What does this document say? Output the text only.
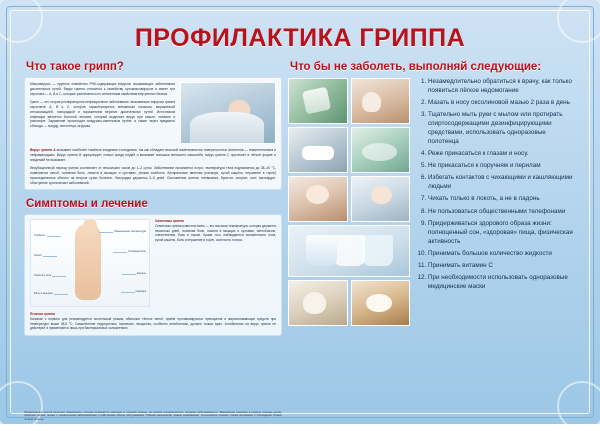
ПРОФИЛАКТИКА ГРИППА
Что такое грипп?
Миксовирусы — крупное семейство РНК-содержащих вирусов, вызывающих заболевания дыхательных путей. Вирус гриппа относится к семейству ортомиксовирусов и имеет три серотипа — A, B и C, которые различаются по антигенным свойствам внутренних белков.
Грипп — это острое респираторное инфекционное заболевание, вызываемое вирусом гриппа серотипов A, B и C, которое характеризуется внезапным началом, выраженной интоксикацией, лихорадкой и поражением верхних дыхательных путей. Источником инфекции является больной человек, который выделяет вирус при кашле, чихании и разговоре. Заражение происходит воздушно-капельным путём, а также через предметы обихода — посуду, полотенца, игрушки.
Вирус гриппа A вызывает наиболее тяжёлые эпидемии и пандемии, так как обладает высокой изменчивостью поверхностных антигенов — гемагглютинина и нейраминидазы. Вирус гриппа B циркулирует только среди людей и вызывает вспышки меньшего масштаба, вирус гриппа C протекает в лёгкой форме и эпидемий не вызывает.
Инкубационный период гриппа составляет от нескольких часов до 1–2 суток. Заболевание начинается остро: температура тела поднимается до 38–40 °C, появляются озноб, головная боль, ломота в мышцах и суставах, резкая слабость. Катаральные явления (насморк, сухой кашель, першение в горле) присоединяются обычно на вторые сутки болезни. Лихорадка держится 3–5 дней. Осложнения гриппа: пневмония, бронхит, синусит, отит, миокардит, обострение хронических заболеваний.
Симптомы и лечение
Слабость
Озноб
Ломота в теле
Боль в мышцах
Повышенная температура
Головная боль
Кашель
Насморк
Симптомы гриппа
Симптомы гриппа известны всем — это высокая температура, которая держится несколько дней, головная боль, ломота в мышцах и суставах, светобоязнь, слезотечение, боль в глазах. Кроме того, наблюдаются заложенность носа, сухой кашель, боль и першение в горле, осиплость голоса.
Лечение гриппа
Начиная с первого дня рекомендуется постельный режим, обильное тёплое питьё, приём противовирусных препаратов и жаропонижающих средств при температуре выше 38,5 °C. Самолечение недопустимо: назначать лекарства, особенно антибиотики, должен только врач. Антибиотики на вирус гриппа не действуют и применяются лишь при бактериальных осложнениях.
Что бы не заболеть, выполняй следующие:
1. Незамедлительно обратиться к врачу, как только появиться лёгкое недомогание
2. Мазать в носу оксолиновой мазью 2 раза в день
3. Тщательно мыть руки с мылом или протирать спиртосодержащими дезинфицирующими средствами, использовать одноразовые полотенца
4. Реже прикасаться к глазам и носу.
5. Не прикасаться к поручням и перилам
6. Избегать контактов с чихающими и кашляющими людьми
7. Чихать только в локоть, а не в ладонь
8. Не пользоваться общественными телефонами
9. Придерживаться здорового образа жизни: полноценный сон, «здоровая» пища, физическая активность
10. Принимать большое количество жидкости
11. Принимать витамин С
12. При необходимости использовать одноразовые медицинские маски
Профилактика гриппа включает вакцинацию, которая проводится ежегодно в осенний период, до начала эпидемического подъёма заболеваемости. Вакцинация показана в первую очередь детям, пожилым людям, лицам с хроническими заболеваниями и работникам сферы обслуживания. Помимо вакцинации, важны закаливание, полноценное питание, приём витаминов и соблюдение правил личной гигиены.
